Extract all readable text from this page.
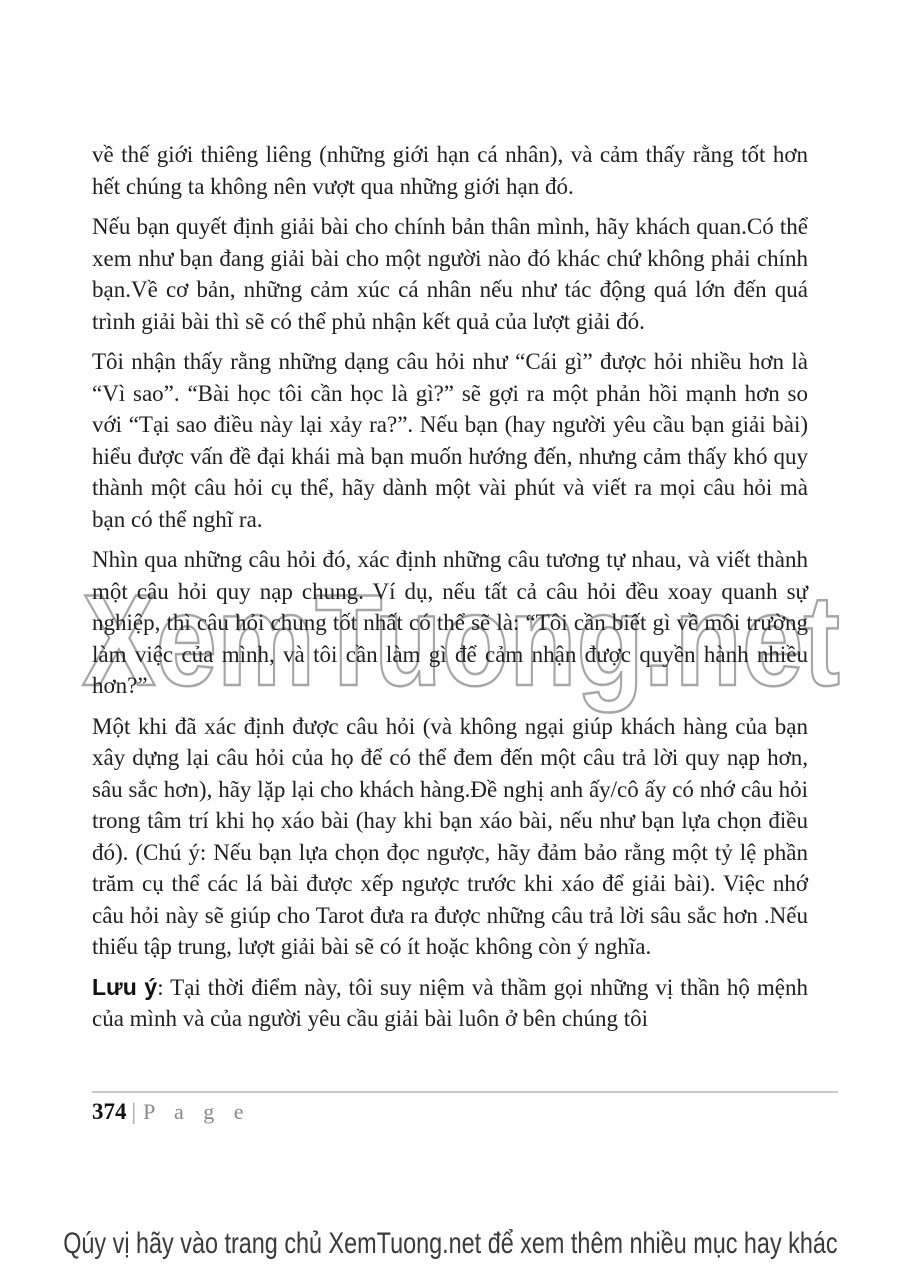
XemTuong.net

về thế giới thiêng liêng (những giới hạn cá nhân), và cảm thấy rằng tốt hơn hết chúng ta không nên vượt qua những giới hạn đó.

Nếu bạn quyết định giải bài cho chính bản thân mình, hãy khách quan.Có thể xem như bạn đang giải bài cho một người nào đó khác chứ không phải chính bạn.Về cơ bản, những cảm xúc cá nhân nếu như tác động quá lớn đến quá trình giải bài thì sẽ có thể phủ nhận kết quả của lượt giải đó.

Tôi nhận thấy rằng những dạng câu hỏi như “Cái gì” được hỏi nhiều hơn là “Vì sao”. “Bài học tôi cần học là gì?” sẽ gợi ra một phản hồi mạnh hơn so với “Tại sao điều này lại xảy ra?”. Nếu bạn (hay người yêu cầu bạn giải bài) hiểu được vấn đề đại khái mà bạn muốn hướng đến, nhưng cảm thấy khó quy thành một câu hỏi cụ thể, hãy dành một vài phút và viết ra mọi câu hỏi mà bạn có thể nghĩ ra.

Nhìn qua những câu hỏi đó, xác định những câu tương tự nhau, và viết thành một câu hỏi quy nạp chung. Ví dụ, nếu tất cả câu hỏi đều xoay quanh sự nghiệp, thì câu hỏi chung tốt nhất có thể sẽ là: “Tôi cần biết gì về môi trường làm việc của mình, và tôi cần làm gì để cảm nhận được quyền hành nhiều hơn?”

Một khi đã xác định được câu hỏi (và không ngại giúp khách hàng của bạn xây dựng lại câu hỏi của họ để có thể đem đến một câu trả lời quy nạp hơn, sâu sắc hơn), hãy lặp lại cho khách hàng.Đề nghị anh ấy/cô ấy có nhớ câu hỏi trong tâm trí khi họ xáo bài (hay khi bạn xáo bài, nếu như bạn lựa chọn điều đó). (Chú ý: Nếu bạn lựa chọn đọc ngược, hãy đảm bảo rằng một tỷ lệ phần trăm cụ thể các lá bài được xếp ngược trước khi xáo để giải bài). Việc nhớ câu hỏi này sẽ giúp cho Tarot đưa ra được những câu trả lời sâu sắc hơn .Nếu thiếu tập trung, lượt giải bài sẽ có ít hoặc không còn ý nghĩa.

Lưu ý: Tại thời điểm này, tôi suy niệm và thầm gọi những vị thần hộ mệnh của mình và của người yêu cầu giải bài luôn ở bên chúng tôi

374 | P a g e
Qúy vị hãy vào trang chủ XemTuong.net để xem thêm nhiều mục hay khác
